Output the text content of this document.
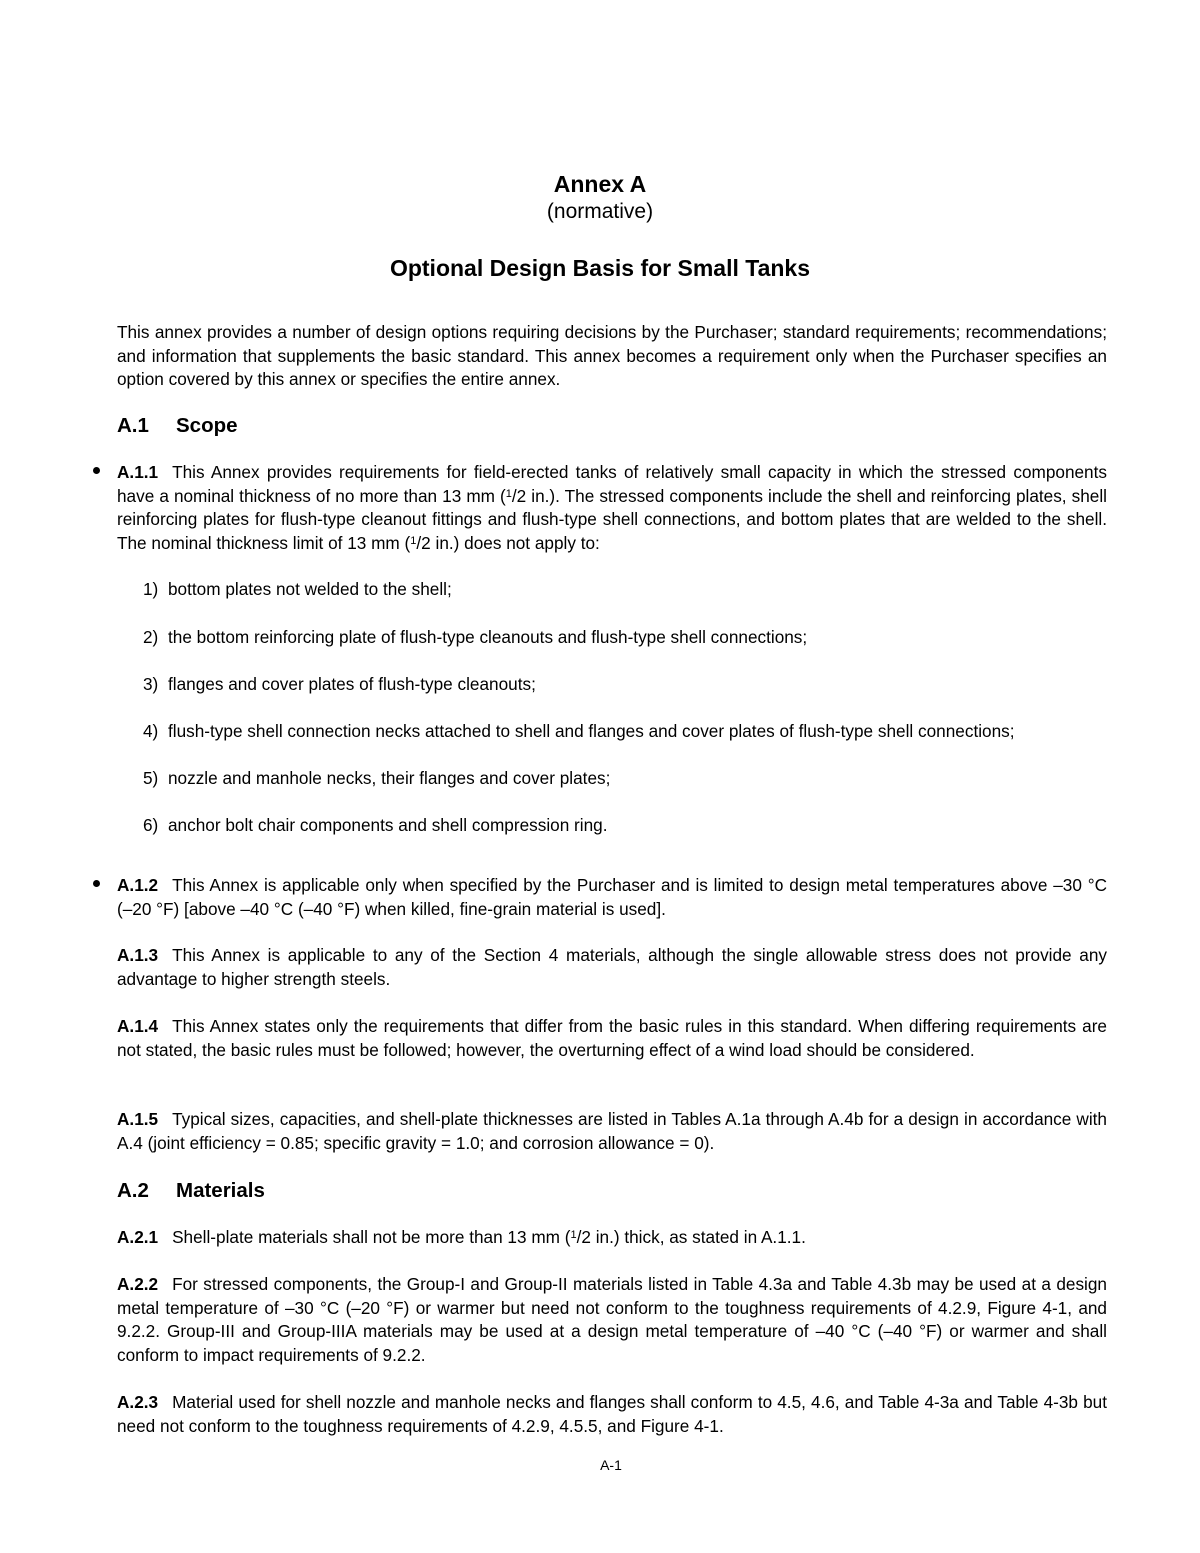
Annex A
(normative)
Optional Design Basis for Small Tanks

This annex provides a number of design options requiring decisions by the Purchaser; standard requirements; recommendations; and information that supplements the basic standard. This annex becomes a requirement only when the Purchaser specifies an option covered by this annex or specifies the entire annex.

A.1 Scope

A.1.1 This Annex provides requirements for field-erected tanks of relatively small capacity in which the stressed components have a nominal thickness of no more than 13 mm ($^1$/2 in.). The stressed components include the shell and reinforcing plates, shell reinforcing plates for flush-type cleanout fittings and flush-type shell connections, and bottom plates that are welded to the shell. The nominal thickness limit of 13 mm ($^1$/2 in.) does not apply to:

1) bottom plates not welded to the shell;
2) the bottom reinforcing plate of flush-type cleanouts and flush-type shell connections;
3) flanges and cover plates of flush-type cleanouts;
4) flush-type shell connection necks attached to shell and flanges and cover plates of flush-type shell connections;
5) nozzle and manhole necks, their flanges and cover plates;
6) anchor bolt chair components and shell compression ring.

A.1.2 This Annex is applicable only when specified by the Purchaser and is limited to design metal temperatures above –30 °C (–20 °F) [above –40 °C (–40 °F) when killed, fine-grain material is used].

A.1.3 This Annex is applicable to any of the Section 4 materials, although the single allowable stress does not provide any advantage to higher strength steels.

A.1.4 This Annex states only the requirements that differ from the basic rules in this standard. When differing requirements are not stated, the basic rules must be followed; however, the overturning effect of a wind load should be considered.

A.1.5 Typical sizes, capacities, and shell-plate thicknesses are listed in Tables A.1a through A.4b for a design in accordance with A.4 (joint efficiency = 0.85; specific gravity = 1.0; and corrosion allowance = 0).

A.2 Materials

A.2.1 Shell-plate materials shall not be more than 13 mm ($^1$/2 in.) thick, as stated in A.1.1.

A.2.2 For stressed components, the Group-I and Group-II materials listed in Table 4.3a and Table 4.3b may be used at a design metal temperature of –30 °C (–20 °F) or warmer but need not conform to the toughness requirements of 4.2.9, Figure 4-1, and 9.2.2. Group-III and Group-IIIA materials may be used at a design metal temperature of –40 °C (–40 °F) or warmer and shall conform to impact requirements of 9.2.2.

A.2.3 Material used for shell nozzle and manhole necks and flanges shall conform to 4.5, 4.6, and Table 4-3a and Table 4-3b but need not conform to the toughness requirements of 4.2.9, 4.5.5, and Figure 4-1.

A-1
